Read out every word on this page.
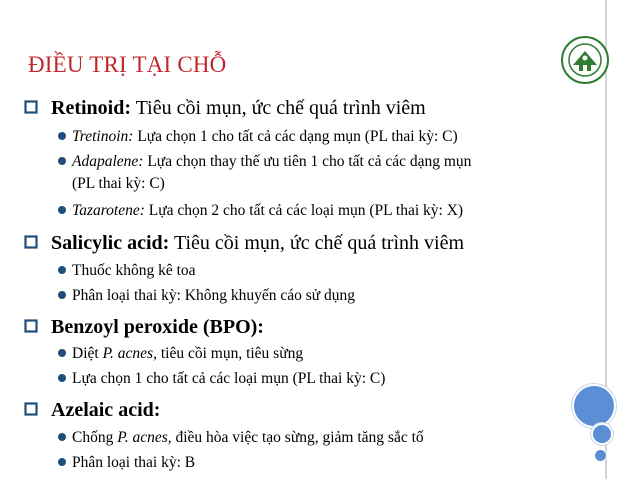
ĐIỀU TRỊ TẠI CHỖ
Retinoid: Tiêu cồi mụn, ức chế quá trình viêm
Tretinoin: Lựa chọn 1 cho tất cả các dạng mụn (PL thai kỳ: C)
Adapalene: Lựa chọn thay thế ưu tiên 1 cho tất cả các dạng mụn
(PL thai kỳ: C)
Tazarotene: Lựa chọn 2 cho tất cả các loại mụn (PL thai kỳ: X)
Salicylic acid: Tiêu cồi mụn, ức chế quá trình viêm
Thuốc không kê toa
Phân loại thai kỳ: Không khuyến cáo sử dụng
Benzoyl peroxide (BPO):
Diệt P. acnes, tiêu cồi mụn, tiêu sừng
Lựa chọn 1 cho tất cả các loại mụn (PL thai kỳ: C)
Azelaic acid:
Chống P. acnes, điều hòa việc tạo sừng, giảm tăng sắc tố
Phân loại thai kỳ: B
